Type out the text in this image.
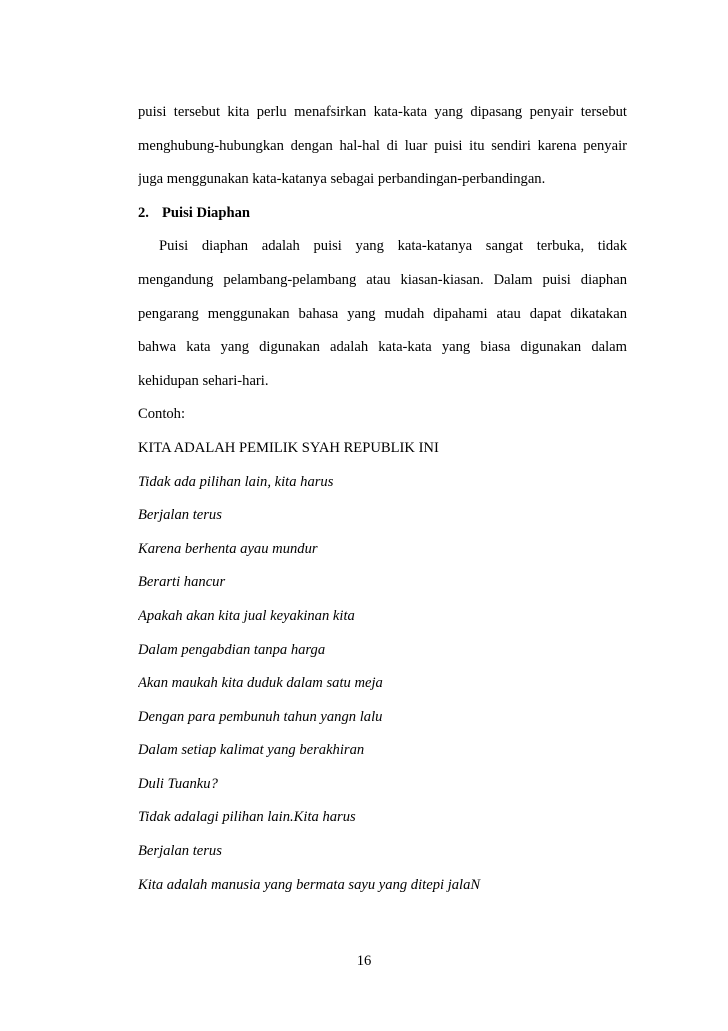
puisi tersebut kita perlu menafsirkan kata-kata yang dipasang penyair tersebut
menghubung-hubungkan dengan hal-hal di luar puisi itu sendiri karena penyair
juga menggunakan kata-katanya sebagai perbandingan-perbandingan.
2. Puisi Diaphan
Puisi diaphan adalah puisi yang kata-katanya sangat terbuka, tidak
mengandung pelambang-pelambang atau kiasan-kiasan. Dalam puisi diaphan
pengarang menggunakan bahasa yang mudah dipahami atau dapat dikatakan
bahwa kata yang digunakan adalah kata-kata yang biasa digunakan dalam
kehidupan sehari-hari.
Contoh:
KITA ADALAH PEMILIK SYAH REPUBLIK INI
Tidak ada pilihan lain, kita harus
Berjalan terus
Karena berhenta ayau mundur
Berarti hancur
Apakah akan kita jual keyakinan kita
Dalam pengabdian tanpa harga
Akan maukah kita duduk dalam satu meja
Dengan para pembunuh tahun yangn lalu
Dalam setiap kalimat yang berakhiran
Duli Tuanku?
Tidak adalagi pilihan lain.Kita harus
Berjalan terus
Kita adalah manusia yang bermata sayu yang ditepi jalaN
16
